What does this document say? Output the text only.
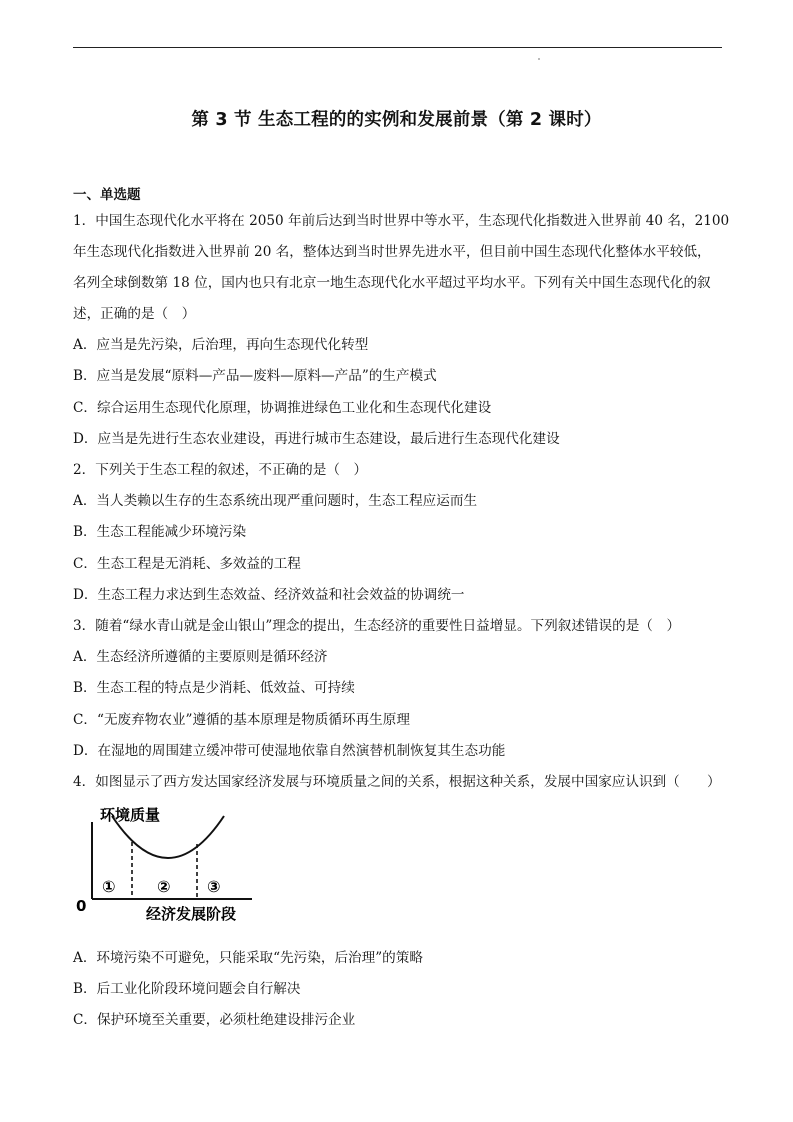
第 3 节 生态工程的的实例和发展前景（第 2 课时）
一、单选题
1．中国生态现代化水平将在 2050 年前后达到当时世界中等水平，生态现代化指数进入世界前 40 名，2100
年生态现代化指数进入世界前 20 名，整体达到当时世界先进水平，但目前中国生态现代化整体水平较低，
名列全球倒数第 18 位，国内也只有北京一地生态现代化水平超过平均水平。下列有关中国生态现代化的叙
述，正确的是（　）
A．应当是先污染，后治理，再向生态现代化转型
B．应当是发展“原料—产品—废料—原料—产品”的生产模式
C．综合运用生态现代化原理，协调推进绿色工业化和生态现代化建设
D．应当是先进行生态农业建设，再进行城市生态建设，最后进行生态现代化建设
2．下列关于生态工程的叙述，不正确的是（　）
A．当人类赖以生存的生态系统出现严重问题时，生态工程应运而生
B．生态工程能减少环境污染
C．生态工程是无消耗、多效益的工程
D．生态工程力求达到生态效益、经济效益和社会效益的协调统一
3．随着“绿水青山就是金山银山”理念的提出，生态经济的重要性日益增显。下列叙述错误的是（　）
A．生态经济所遵循的主要原则是循环经济
B．生态工程的特点是少消耗、低效益、可持续
C．“无废弃物农业”遵循的基本原理是物质循环再生原理
D．在湿地的周围建立缓冲带可使湿地依靠自然演替机制恢复其生态功能
4．如图显示了西方发达国家经济发展与环境质量之间的关系，根据这种关系，发展中国家应认识到（　　）
环境质量
①	② ③
0	经济发展阶段
A．环境污染不可避免，只能采取“先污染，后治理”的策略
B．后工业化阶段环境问题会自行解决
C．保护环境至关重要，必须杜绝建设排污企业
